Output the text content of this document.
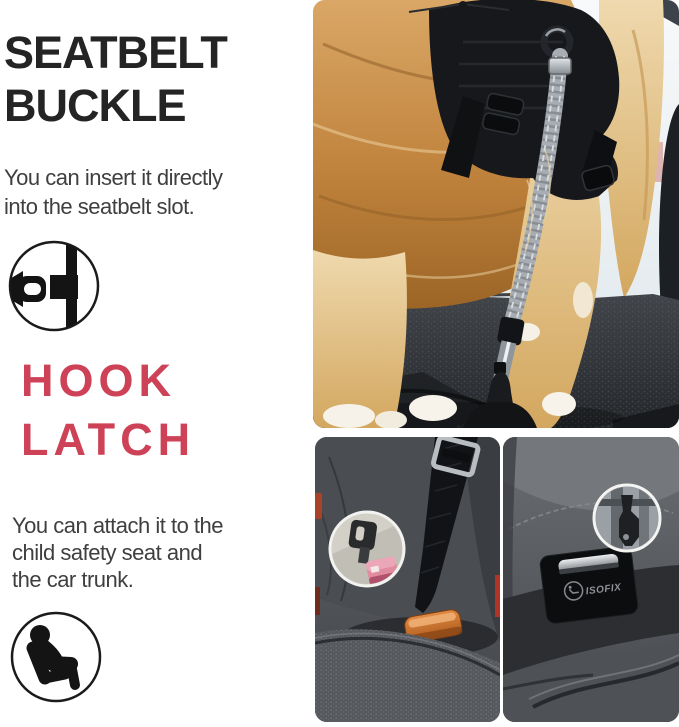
SEATBELT
BUCKLE
You can insert it directly
into the seatbelt slot.
HOOK
LATCH
You can attach it to the
child safety seat and
the car trunk.	ISOFIX
